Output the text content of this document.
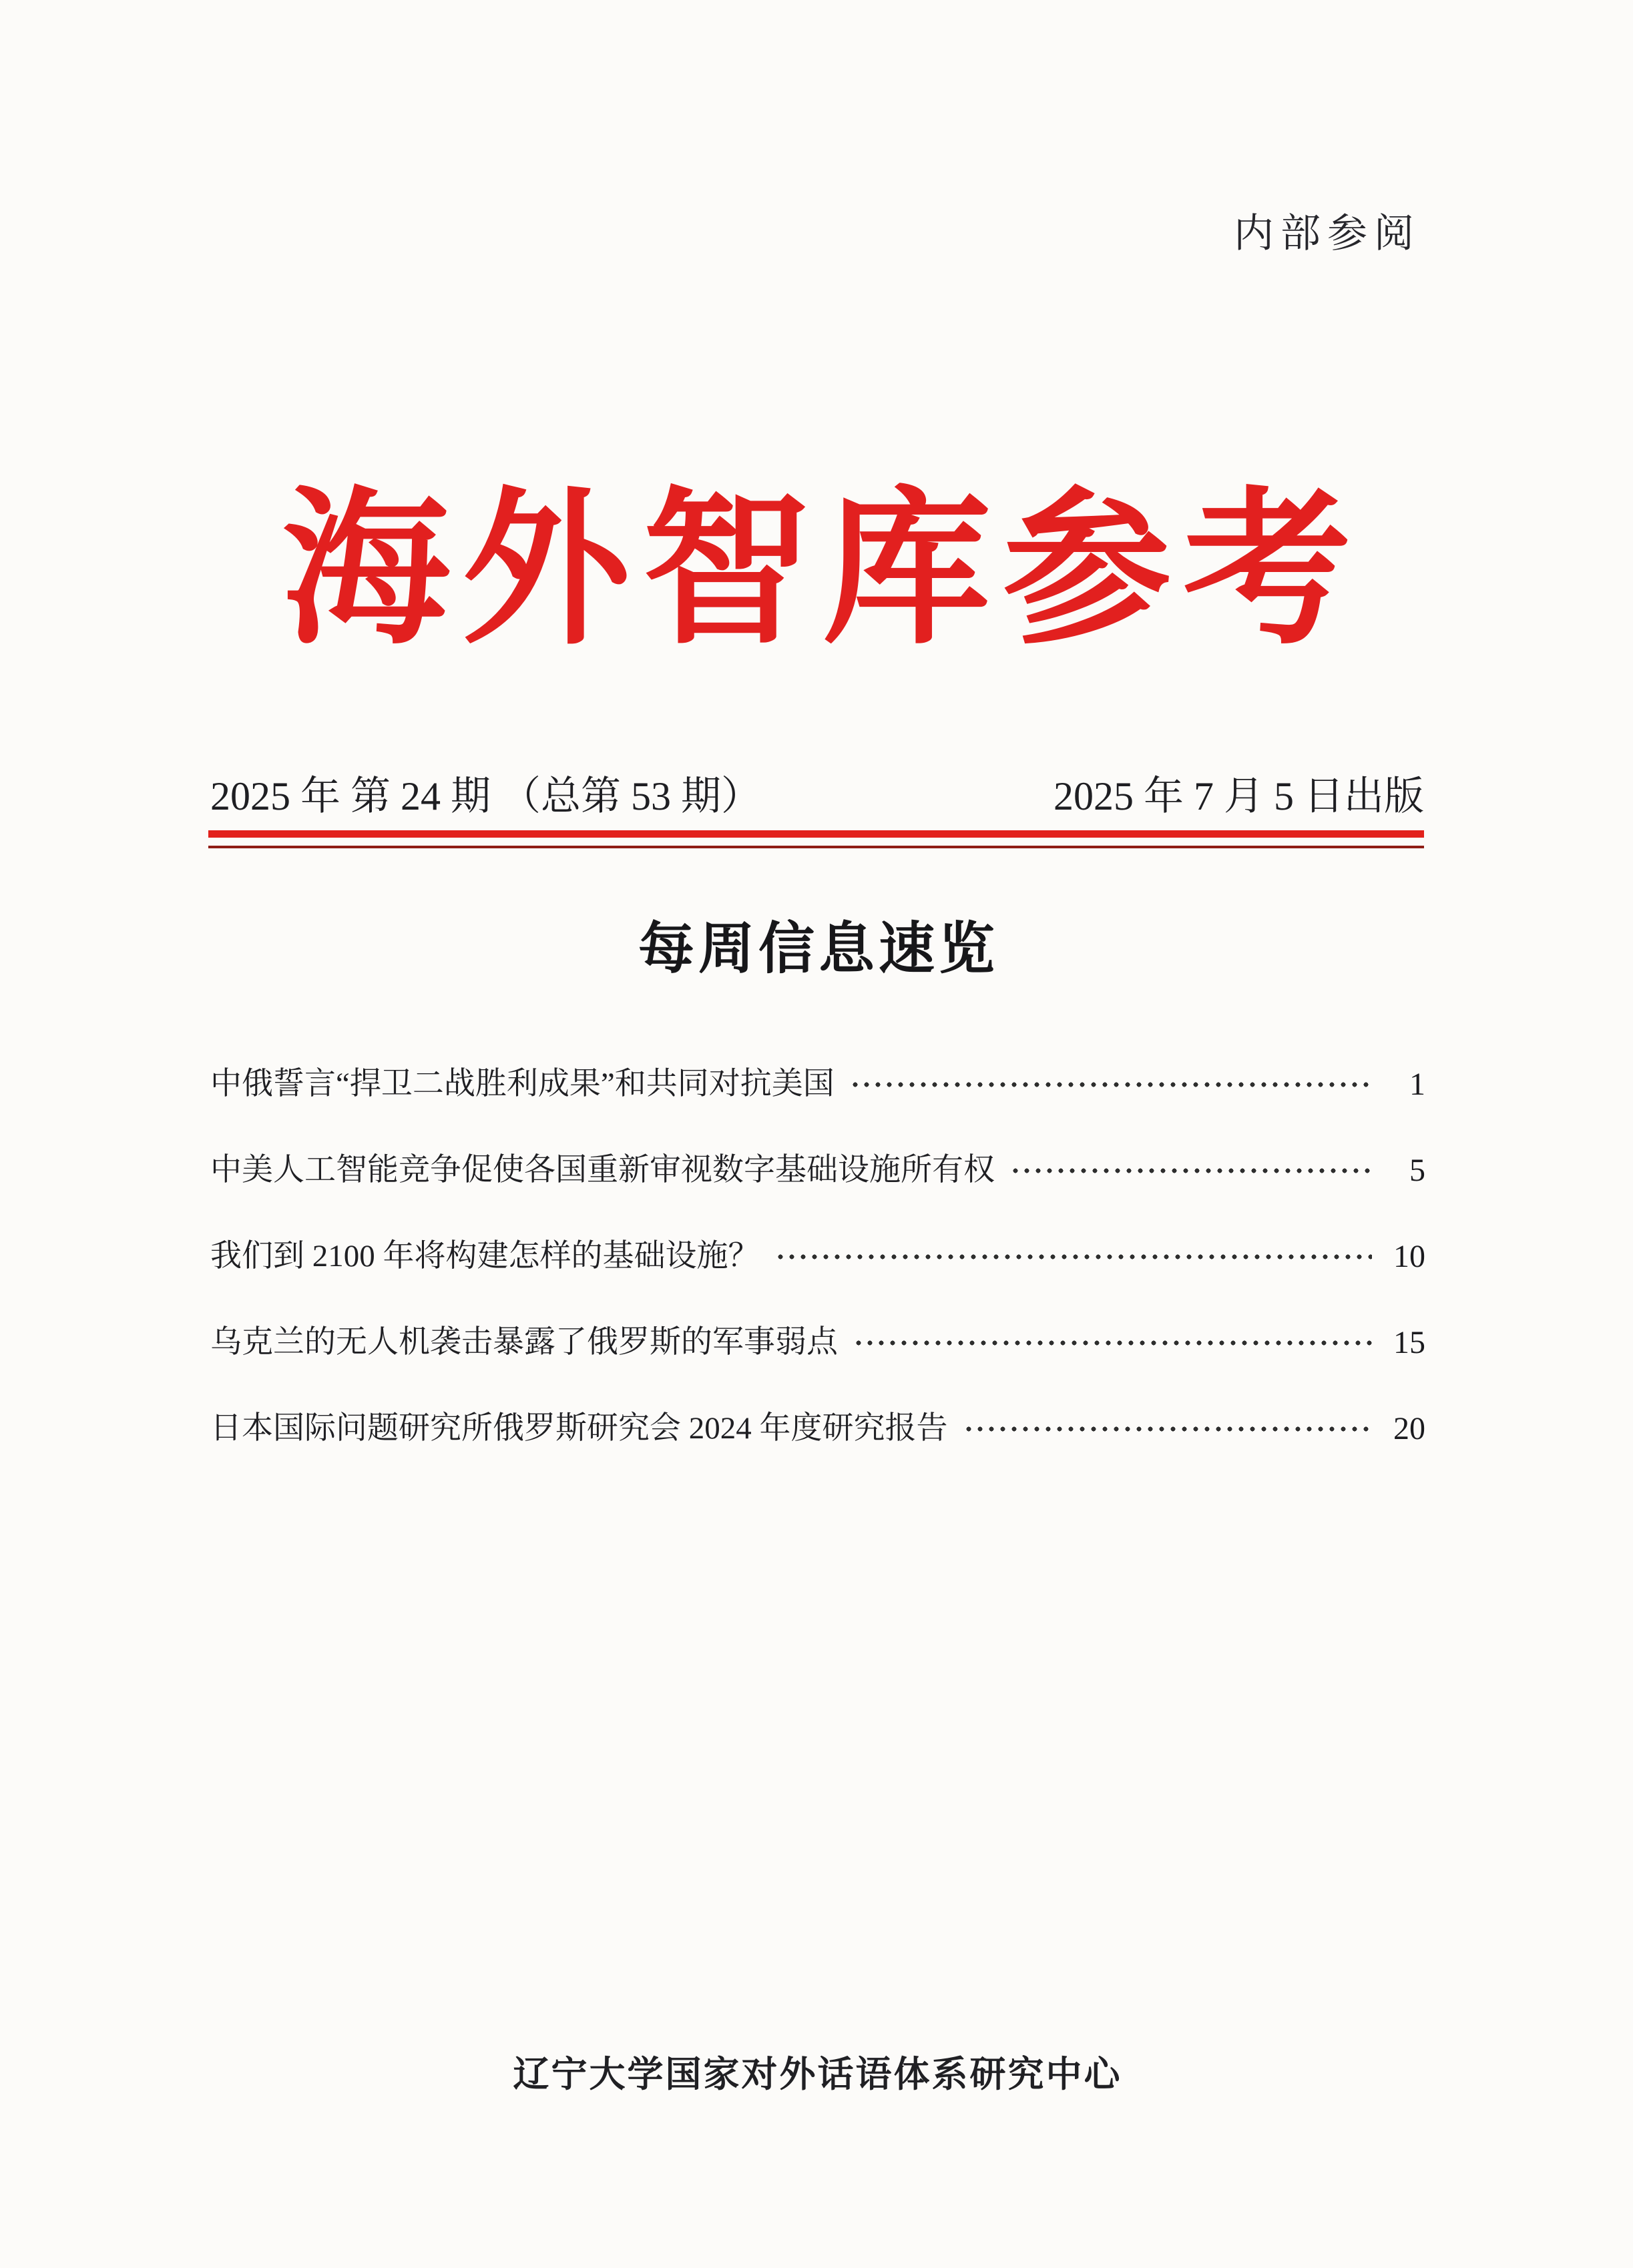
内部参阅
海外智库参考
2025 年 第 24 期 （总第 53 期）	2025 年 7 月 5 日出版
每周信息速览
中俄誓言“捍卫二战胜利成果”和共同对抗美国	1
中美人工智能竞争促使各国重新审视数字基础设施所有权	5
我们到 2100 年将构建怎样的基础设施？	10
乌克兰的无人机袭击暴露了俄罗斯的军事弱点	15
日本国际问题研究所俄罗斯研究会 2024 年度研究报告	20
辽宁大学国家对外话语体系研究中心
